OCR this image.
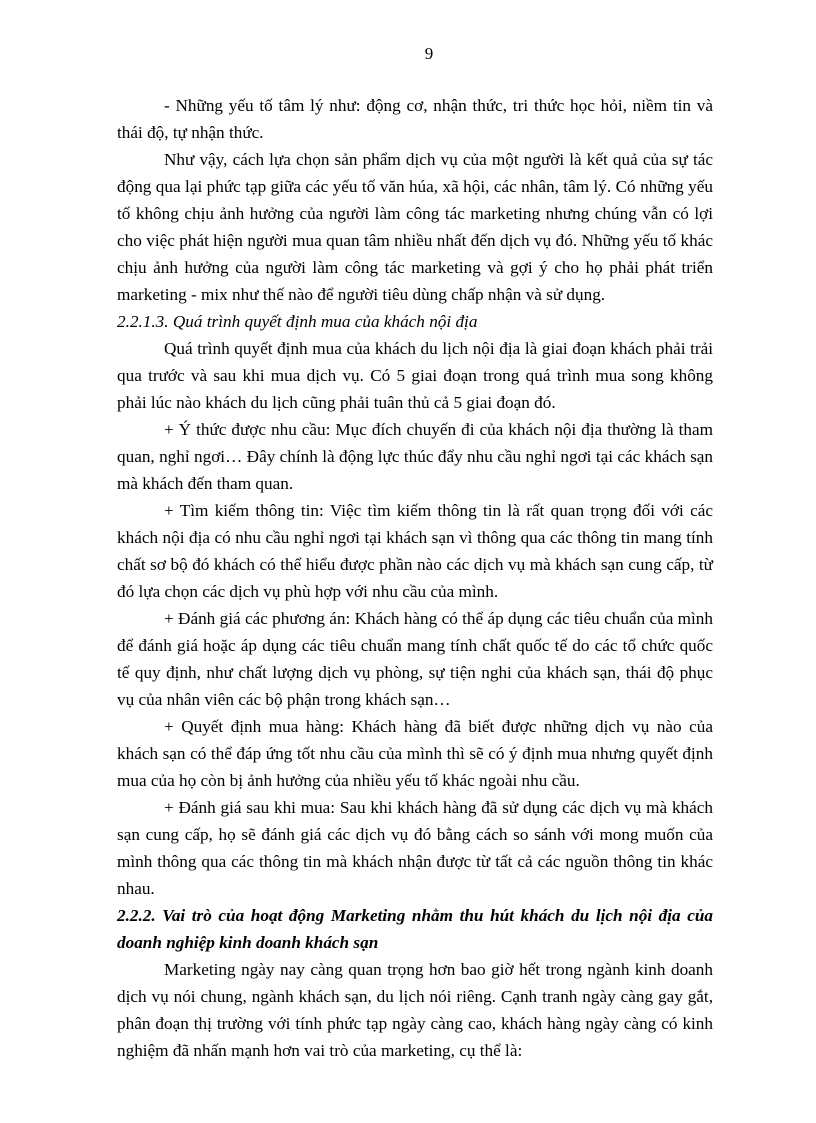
9

- Những yếu tố tâm lý như: động cơ, nhận thức, tri thức học hỏi, niềm tin và thái độ, tự nhận thức.

Như vậy, cách lựa chọn sản phẩm dịch vụ của một người là kết quả của sự tác động qua lại phức tạp giữa các yếu tố văn húa, xã hội, các nhân, tâm lý. Có những yếu tố không chịu ảnh hưởng của người làm công tác marketing nhưng chúng vẫn có lợi cho việc phát hiện người mua quan tâm nhiều nhất đến dịch vụ đó. Những yếu tố khác chịu ảnh hưởng của người làm công tác marketing và gợi ý cho họ phải phát triển marketing - mix như thế nào để người tiêu dùng chấp nhận và sử dụng.

2.2.1.3. Quá trình quyết định mua của khách nội địa

Quá trình quyết định mua của khách du lịch nội địa là giai đoạn khách phải trải qua trước và sau khi mua dịch vụ. Có 5 giai đoạn trong quá trình mua song không phải lúc nào khách du lịch cũng phải tuân thủ cả 5 giai đoạn đó.

+ Ý thức được nhu cầu: Mục đích chuyến đi của khách nội địa thường là tham quan, nghỉ ngơi… Đây chính là động lực thúc đẩy nhu cầu nghỉ ngơi tại các khách sạn mà khách đến tham quan.

+ Tìm kiếm thông tin: Việc tìm kiếm thông tin là rất quan trọng đối với các khách nội địa có nhu cầu nghỉ ngơi tại khách sạn vì thông qua các thông tin mang tính chất sơ bộ đó khách có thể hiểu được phần nào các dịch vụ mà khách sạn cung cấp, từ đó lựa chọn các dịch vụ phù hợp với nhu cầu của mình.

+ Đánh giá các phương án: Khách hàng có thể áp dụng các tiêu chuẩn của mình để đánh giá hoặc áp dụng các tiêu chuẩn mang tính chất quốc tế do các tổ chức quốc tế quy định, như chất lượng dịch vụ phòng, sự tiện nghi của khách sạn, thái độ phục vụ của nhân viên các bộ phận trong khách sạn…

+ Quyết định mua hàng: Khách hàng đã biết được những dịch vụ nào của khách sạn có thể đáp ứng tốt nhu cầu của mình thì sẽ có ý định mua nhưng quyết định mua của họ còn bị ảnh hưởng của nhiều yếu tố khác ngoài nhu cầu.

+ Đánh giá sau khi mua: Sau khi khách hàng đã sử dụng các dịch vụ mà khách sạn cung cấp, họ sẽ đánh giá các dịch vụ đó bằng cách so sánh với mong muốn của mình thông qua các thông tin mà khách nhận được từ tất cả các nguồn thông tin khác nhau.

2.2.2. Vai trò của hoạt động Marketing nhằm thu hút khách du lịch nội địa của doanh nghiệp kinh doanh khách sạn

Marketing ngày nay càng quan trọng hơn bao giờ hết trong ngành kinh doanh dịch vụ nói chung, ngành khách sạn, du lịch nói riêng. Cạnh tranh ngày càng gay gắt, phân đoạn thị trường với tính phức tạp ngày càng cao, khách hàng ngày càng có kinh nghiệm đã nhấn mạnh hơn vai trò của marketing, cụ thể là:
